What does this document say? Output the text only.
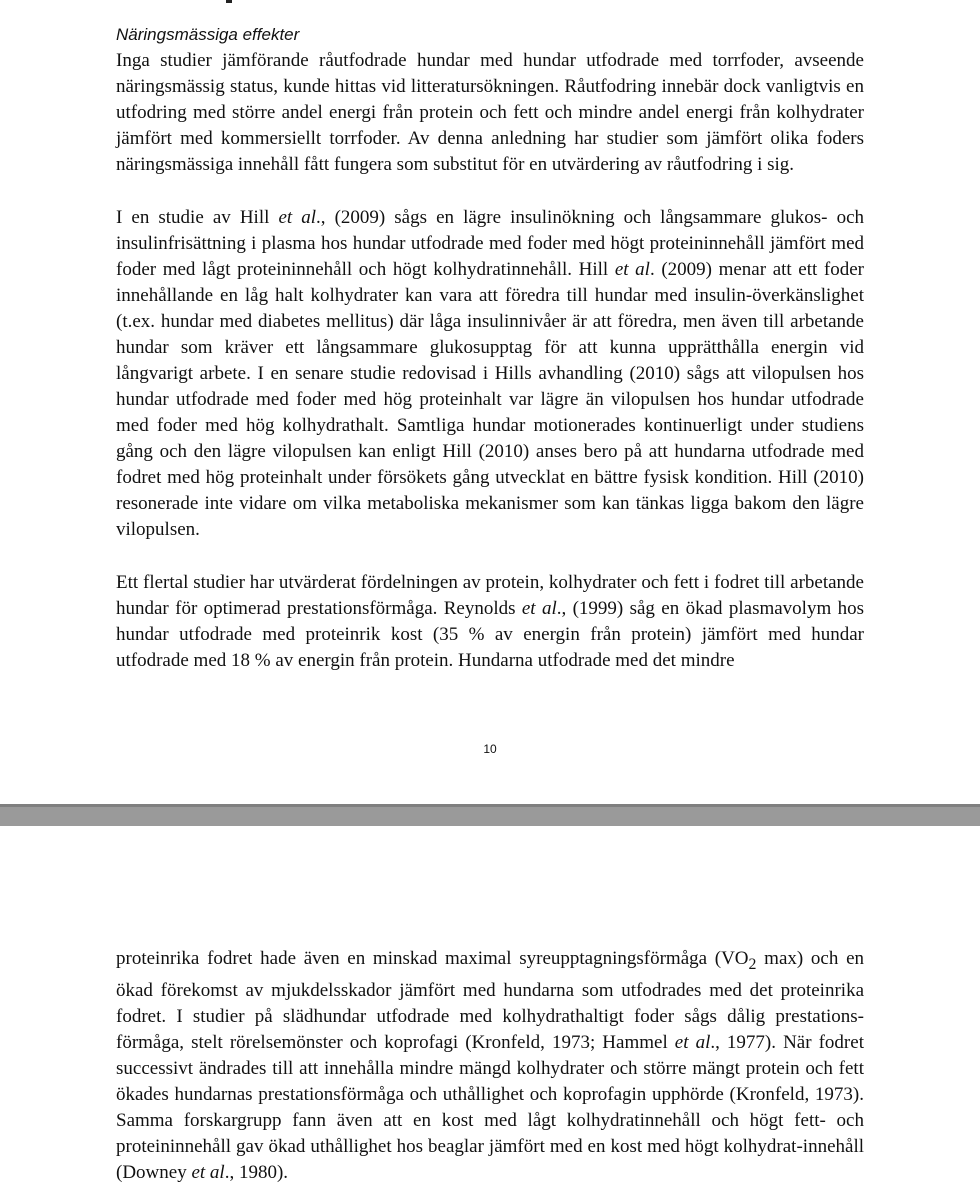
Näringsmässiga effekter

Inga studier jämförande råutfodrade hundar med hundar utfodrade med torrfoder, avseende näringsmässig status, kunde hittas vid litteratursökningen. Råutfodring innebär dock vanligtvis en utfodring med större andel energi från protein och fett och mindre andel energi från kolhydrater jämfört med kommersiellt torrfoder. Av denna anledning har studier som jämfört olika foders näringsmässiga innehåll fått fungera som substitut för en utvärdering av råutfodring i sig.

I en studie av Hill et al., (2009) sågs en lägre insulinökning och långsammare glukos- och insulinfrisättning i plasma hos hundar utfodrade med foder med högt proteininnehåll jämfört med foder med lågt proteininnehåll och högt kolhydratinnehåll. Hill et al. (2009) menar att ett foder innehållande en låg halt kolhydrater kan vara att föredra till hundar med insulin-överkänslighet (t.ex. hundar med diabetes mellitus) där låga insulinnivåer är att föredra, men även till arbetande hundar som kräver ett långsammare glukosupptag för att kunna upprätthålla energin vid långvarigt arbete. I en senare studie redovisad i Hills avhandling (2010) sågs att vilopulsen hos hundar utfodrade med foder med hög proteinhalt var lägre än vilopulsen hos hundar utfodrade med foder med hög kolhydrathalt. Samtliga hundar motionerades kontinuerligt under studiens gång och den lägre vilopulsen kan enligt Hill (2010) anses bero på att hundarna utfodrade med fodret med hög proteinhalt under försökets gång utvecklat en bättre fysisk kondition. Hill (2010) resonerade inte vidare om vilka metaboliska mekanismer som kan tänkas ligga bakom den lägre vilopulsen.

Ett flertal studier har utvärderat fördelningen av protein, kolhydrater och fett i fodret till arbetande hundar för optimerad prestationsförmåga. Reynolds et al., (1999) såg en ökad plasmavolym hos hundar utfodrade med proteinrik kost (35 % av energin från protein) jämfört med hundar utfodrade med 18 % av energin från protein. Hundarna utfodrade med det mindre

10

proteinrika fodret hade även en minskad maximal syreupptagningsförmåga ($VO_2$ max) och en ökad förekomst av mjukdelsskador jämfört med hundarna som utfodrades med det proteinrika fodret. I studier på slädhundar utfodrade med kolhydrathaltigt foder sågs dålig prestations-förmåga, stelt rörelsemönster och koprofagi (Kronfeld, 1973; Hammel et al., 1977). När fodret successivt ändrades till att innehålla mindre mängd kolhydrater och större mängt protein och fett ökades hundarnas prestationsförmåga och uthållighet och koprofagin upphörde (Kronfeld, 1973). Samma forskargrupp fann även att en kost med lågt kolhydratinnehåll och högt fett- och proteininnehåll gav ökad uthållighet hos beaglar jämfört med en kost med högt kolhydrat-innehåll (Downey et al., 1980).
